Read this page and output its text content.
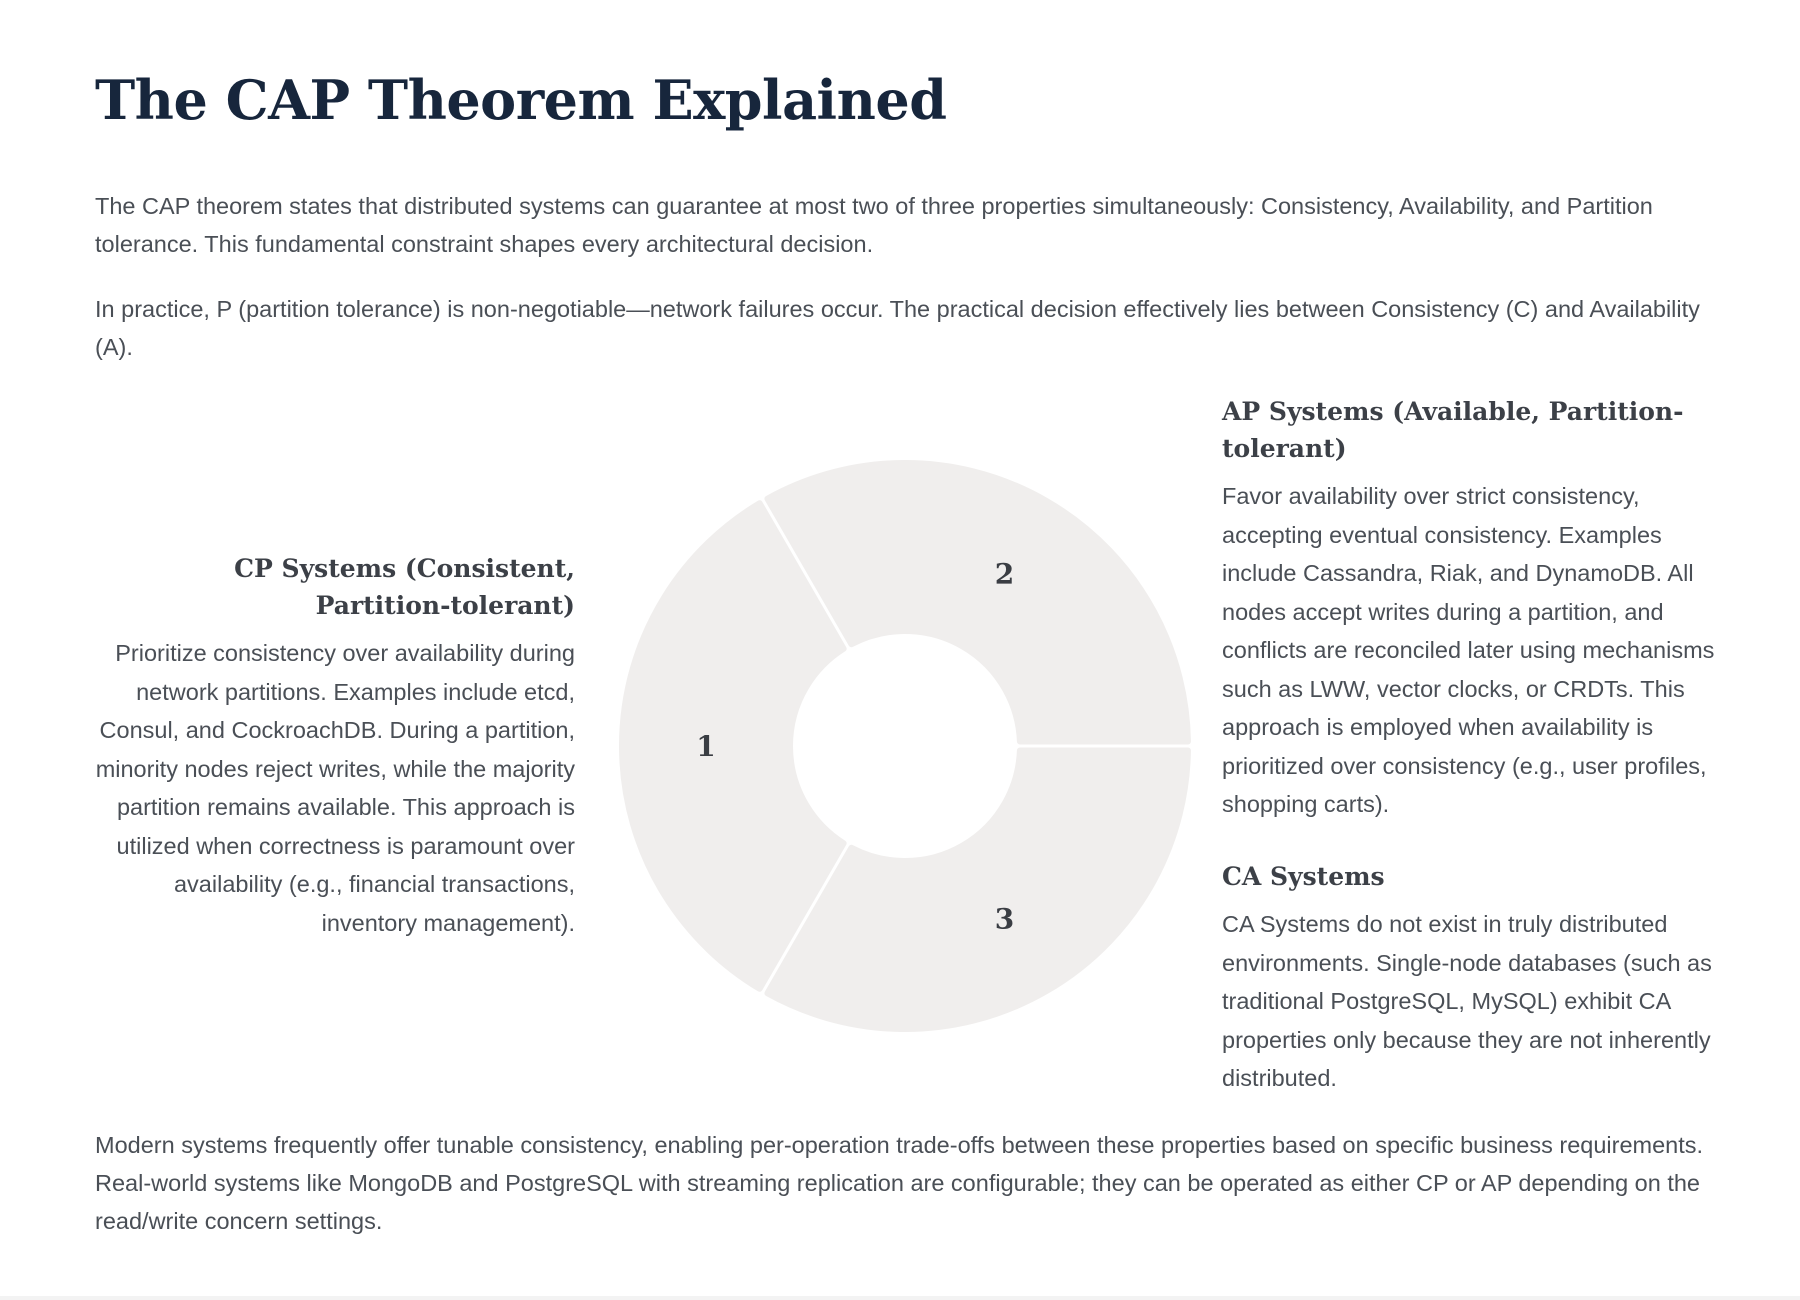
The CAP Theorem Explained

The CAP theorem states that distributed systems can guarantee at most two of three properties simultaneously: Consistency, Availability, and Partition tolerance. This fundamental constraint shapes every architectural decision.

In practice, P (partition tolerance) is non-negotiable—network failures occur. The practical decision effectively lies between Consistency (C) and Availability (A).

CP Systems (Consistent, Partition-tolerant)

Prioritize consistency over availability during network partitions. Examples include etcd, Consul, and CockroachDB. During a partition, minority nodes reject writes, while the majority partition remains available. This approach is utilized when correctness is paramount over availability (e.g., financial transactions, inventory management).

1
2
3
AP Systems (Available, Partition-tolerant)

Favor availability over strict consistency, accepting eventual consistency. Examples include Cassandra, Riak, and DynamoDB. All nodes accept writes during a partition, and conflicts are reconciled later using mechanisms such as LWW, vector clocks, or CRDTs. This approach is employed when availability is prioritized over consistency (e.g., user profiles, shopping carts).

CA Systems

CA Systems do not exist in truly distributed environments. Single-node databases (such as traditional PostgreSQL, MySQL) exhibit CA properties only because they are not inherently distributed.

Modern systems frequently offer tunable consistency, enabling per-operation trade-offs between these properties based on specific business requirements. Real-world systems like MongoDB and PostgreSQL with streaming replication are configurable; they can be operated as either CP or AP depending on the read/write concern settings.
